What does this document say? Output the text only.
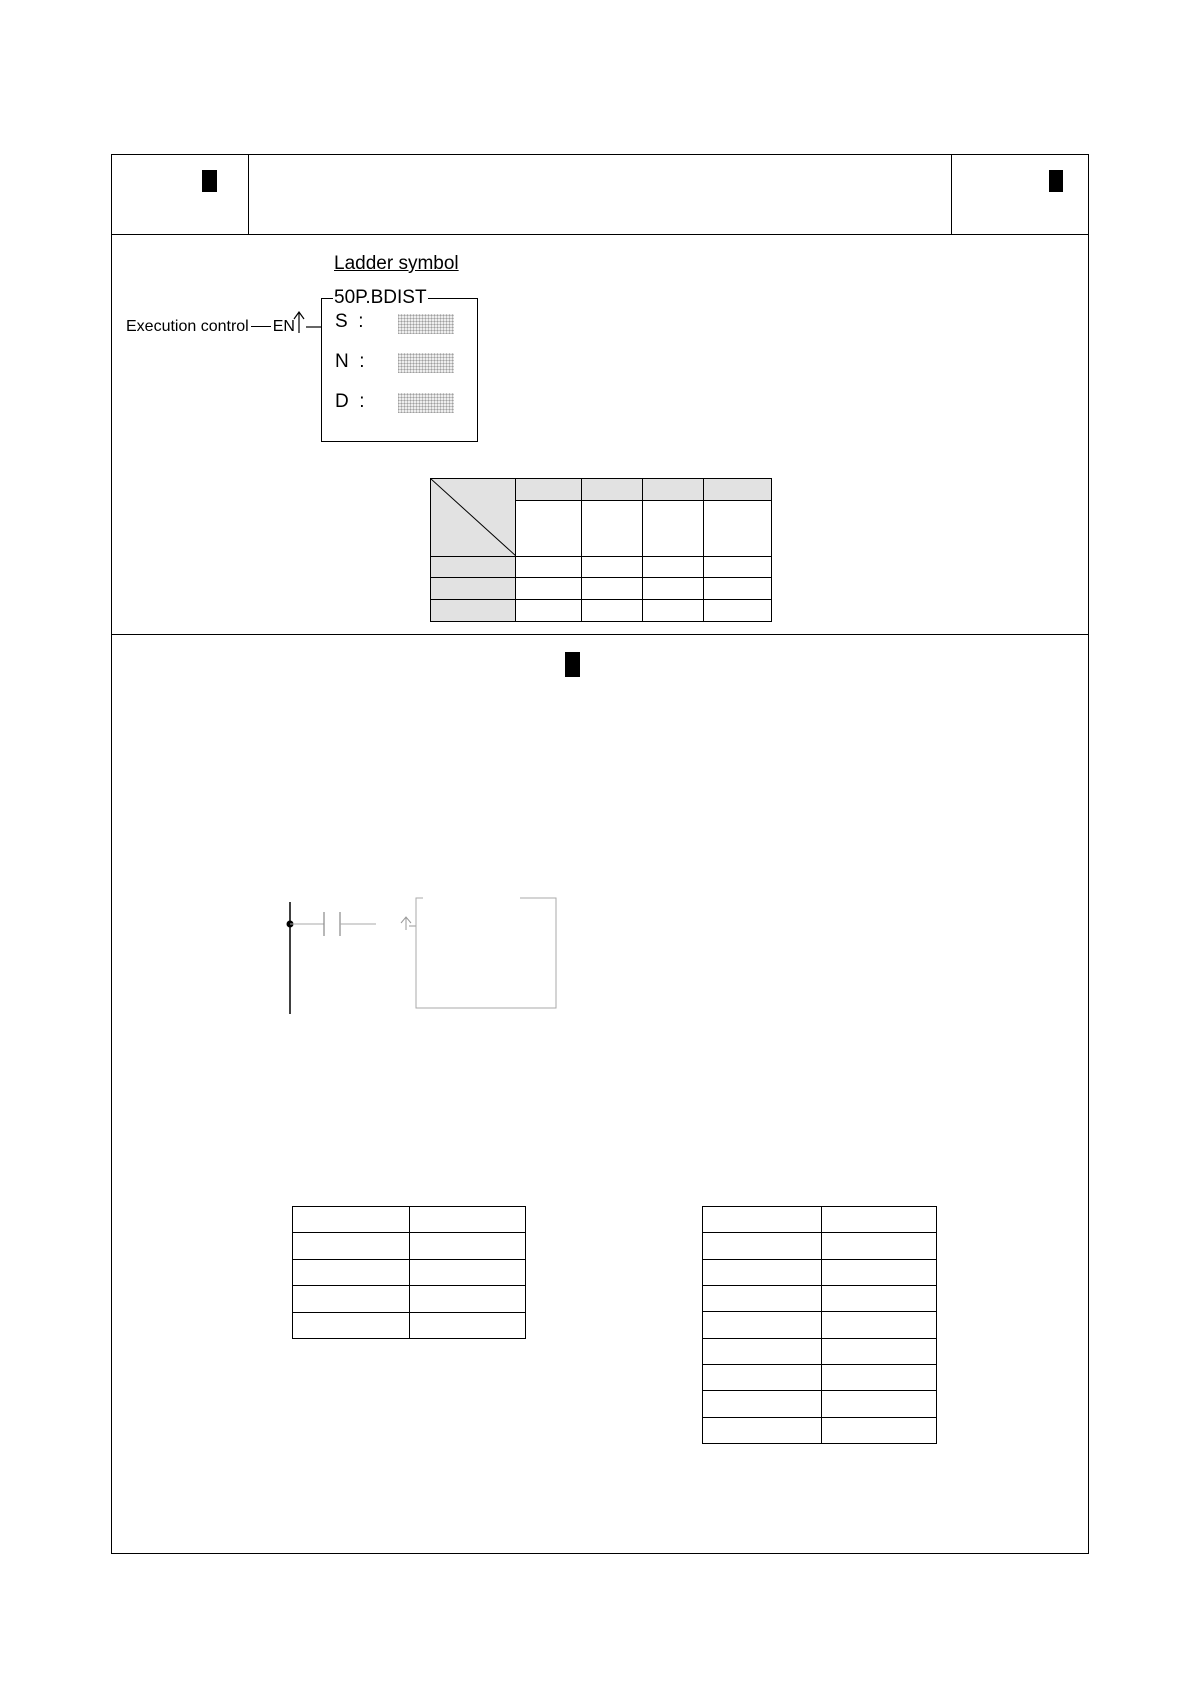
Ladder symbol
50P.BDIST
Execution control EN S :
N :
D :
